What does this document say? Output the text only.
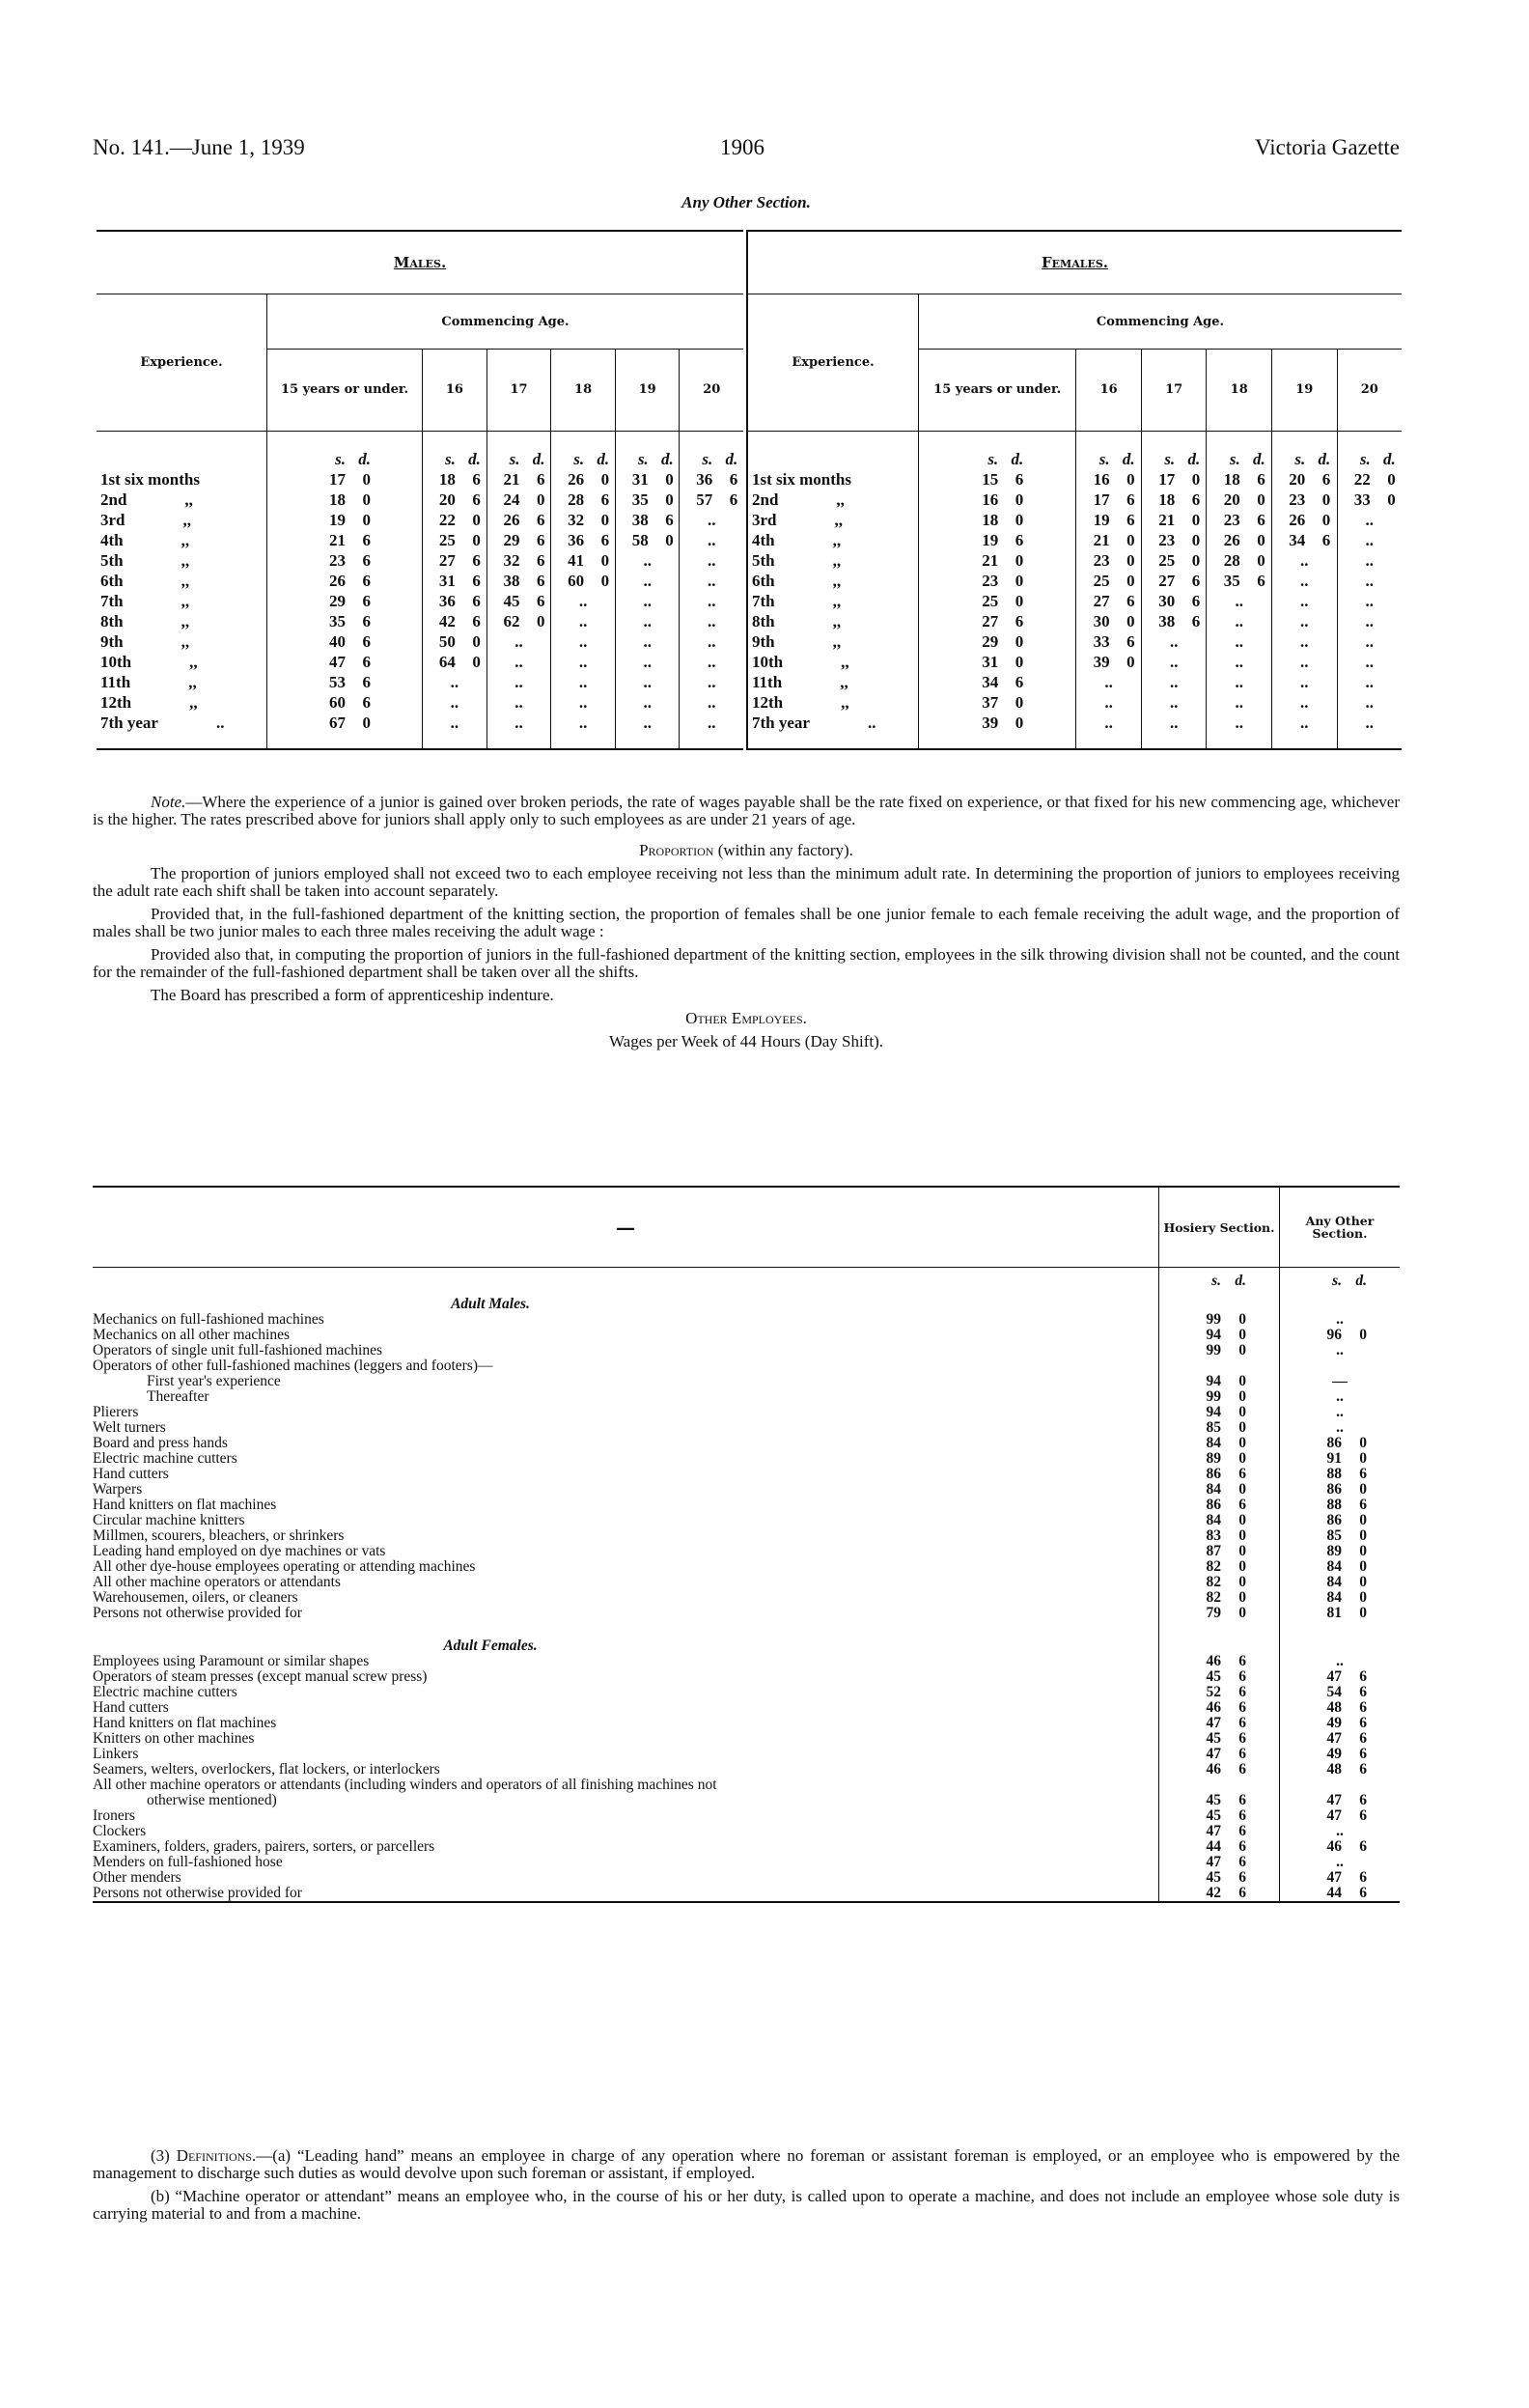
No. 141.—June 1, 1939	1906	Victoria Gazette
Any Other Section.
Males.						
Experience.	Commencing Age.					
	15 years or under.	16	17	18	19	20
	s. d.	s. d.	s. d.	s. d.	s. d.	s. d.
1st six months	17 0	18 6	21 6	26 0	31 0	36 6
2nd ,,	18 0	20 6	24 0	28 6	35 0	57 6
3rd ,,	19 0	22 0	26 6	32 0	38 6	..
4th ,,	21 6	25 0	29 6	36 6	58 0	..
5th ,,	23 6	27 6	32 6	41 0	..	..
6th ,,	26 6	31 6	38 6	60 0	..	..
7th ,,	29 6	36 6	45 6	..	..	..
8th ,,	35 6	42 6	62 0	..	..	..
9th ,,	40 6	50 0	..	..	..	..
10th ,,	47 6	64 0	..	..	..	..
11th ,,	53 6	..	..	..	..	..
12th ,,	60 6	..	..	..	..	..
7th year ..	67 0	..	..	..	..	..
Females.						
Experience.	Commencing Age.					
	15 years or under.	16	17	18	19	20
	s. d.	s. d.	s. d.	s. d.	s. d.	s. d.
1st six months	15 6	16 0	17 0	18 6	20 6	22 0
2nd ,,	16 0	17 6	18 6	20 0	23 0	33 0
3rd ,,	18 0	19 6	21 0	23 6	26 0	..
4th ,,	19 6	21 0	23 0	26 0	34 6	..
5th ,,	21 0	23 0	25 0	28 0	..	..
6th ,,	23 0	25 0	27 6	35 6	..	..
7th ,,	25 0	27 6	30 6	..	..	..
8th ,,	27 6	30 0	38 6	..	..	..
9th ,,	29 0	33 6	..	..	..	..
10th ,,	31 0	39 0	..	..	..	..
11th ,,	34 6	..	..	..	..	..
12th ,,	37 0	..	..	..	..	..
7th year ..	39 0	..	..	..	..	..

Note.—Where the experience of a junior is gained over broken periods, the rate of wages payable shall be the rate fixed on experience, or that fixed for his new commencing age, whichever is the higher. The rates prescribed above for juniors shall apply only to such employees as are under 21 years of age.

Proportion (within any factory).

The proportion of juniors employed shall not exceed two to each employee receiving not less than the minimum adult rate. In determining the proportion of juniors to employees receiving the adult rate each shift shall be taken into account separately.

Provided that, in the full-fashioned department of the knitting section, the proportion of females shall be one junior female to each female receiving the adult wage, and the proportion of males shall be two junior males to each three males receiving the adult wage :

Provided also that, in computing the proportion of juniors in the full-fashioned department of the knitting section, employees in the silk throwing division shall not be counted, and the count for the remainder of the full-fashioned department shall be taken over all the shifts.

The Board has prescribed a form of apprenticeship indenture.

Other Employees.

Wages per Week of 44 Hours (Day Shift).

—	Hosiery Section.	Any Other Section.
	s. d.	s. d.
Adult Males.		
Mechanics on full-fashioned machines	99 0	..
Mechanics on all other machines	94 0	96 0
Operators of single unit full-fashioned machines	99 0	..
Operators of other full-fashioned machines (leggers and footers)—		
First year's experience	94 0	—
Thereafter	99 0	..
Plierers	94 0	..
Welt turners	85 0	..
Board and press hands	84 0	86 0
Electric machine cutters	89 0	91 0
Hand cutters	86 6	88 6
Warpers	84 0	86 0
Hand knitters on flat machines	86 6	88 6
Circular machine knitters	84 0	86 0
Millmen, scourers, bleachers, or shrinkers	83 0	85 0
Leading hand employed on dye machines or vats	87 0	89 0
All other dye-house employees operating or attending machines	82 0	84 0
All other machine operators or attendants	82 0	84 0
Warehousemen, oilers, or cleaners	82 0	84 0
Persons not otherwise provided for	79 0	81 0

Adult Females.		
Employees using Paramount or similar shapes	46 6	..
Operators of steam presses (except manual screw press)	45 6	47 6
Electric machine cutters	52 6	54 6
Hand cutters	46 6	48 6
Hand knitters on flat machines	47 6	49 6
Knitters on other machines	45 6	47 6
Linkers	47 6	49 6
Seamers, welters, overlockers, flat lockers, or interlockers	46 6	48 6
All other machine operators or attendants (including winders and operators of all finishing machines not		
otherwise mentioned)	45 6	47 6
Ironers	45 6	47 6
Clockers	47 6	..
Examiners, folders, graders, pairers, sorters, or parcellers	44 6	46 6
Menders on full-fashioned hose	47 6	..
Other menders	45 6	47 6
Persons not otherwise provided for	42 6	44 6

(3) Definitions.—(a) “Leading hand” means an employee in charge of any operation where no foreman or assistant foreman is employed, or an employee who is empowered by the management to discharge such duties as would devolve upon such foreman or assistant, if employed.

(b) “Machine operator or attendant” means an employee who, in the course of his or her duty, is called upon to operate a machine, and does not include an employee whose sole duty is carrying material to and from a machine.
